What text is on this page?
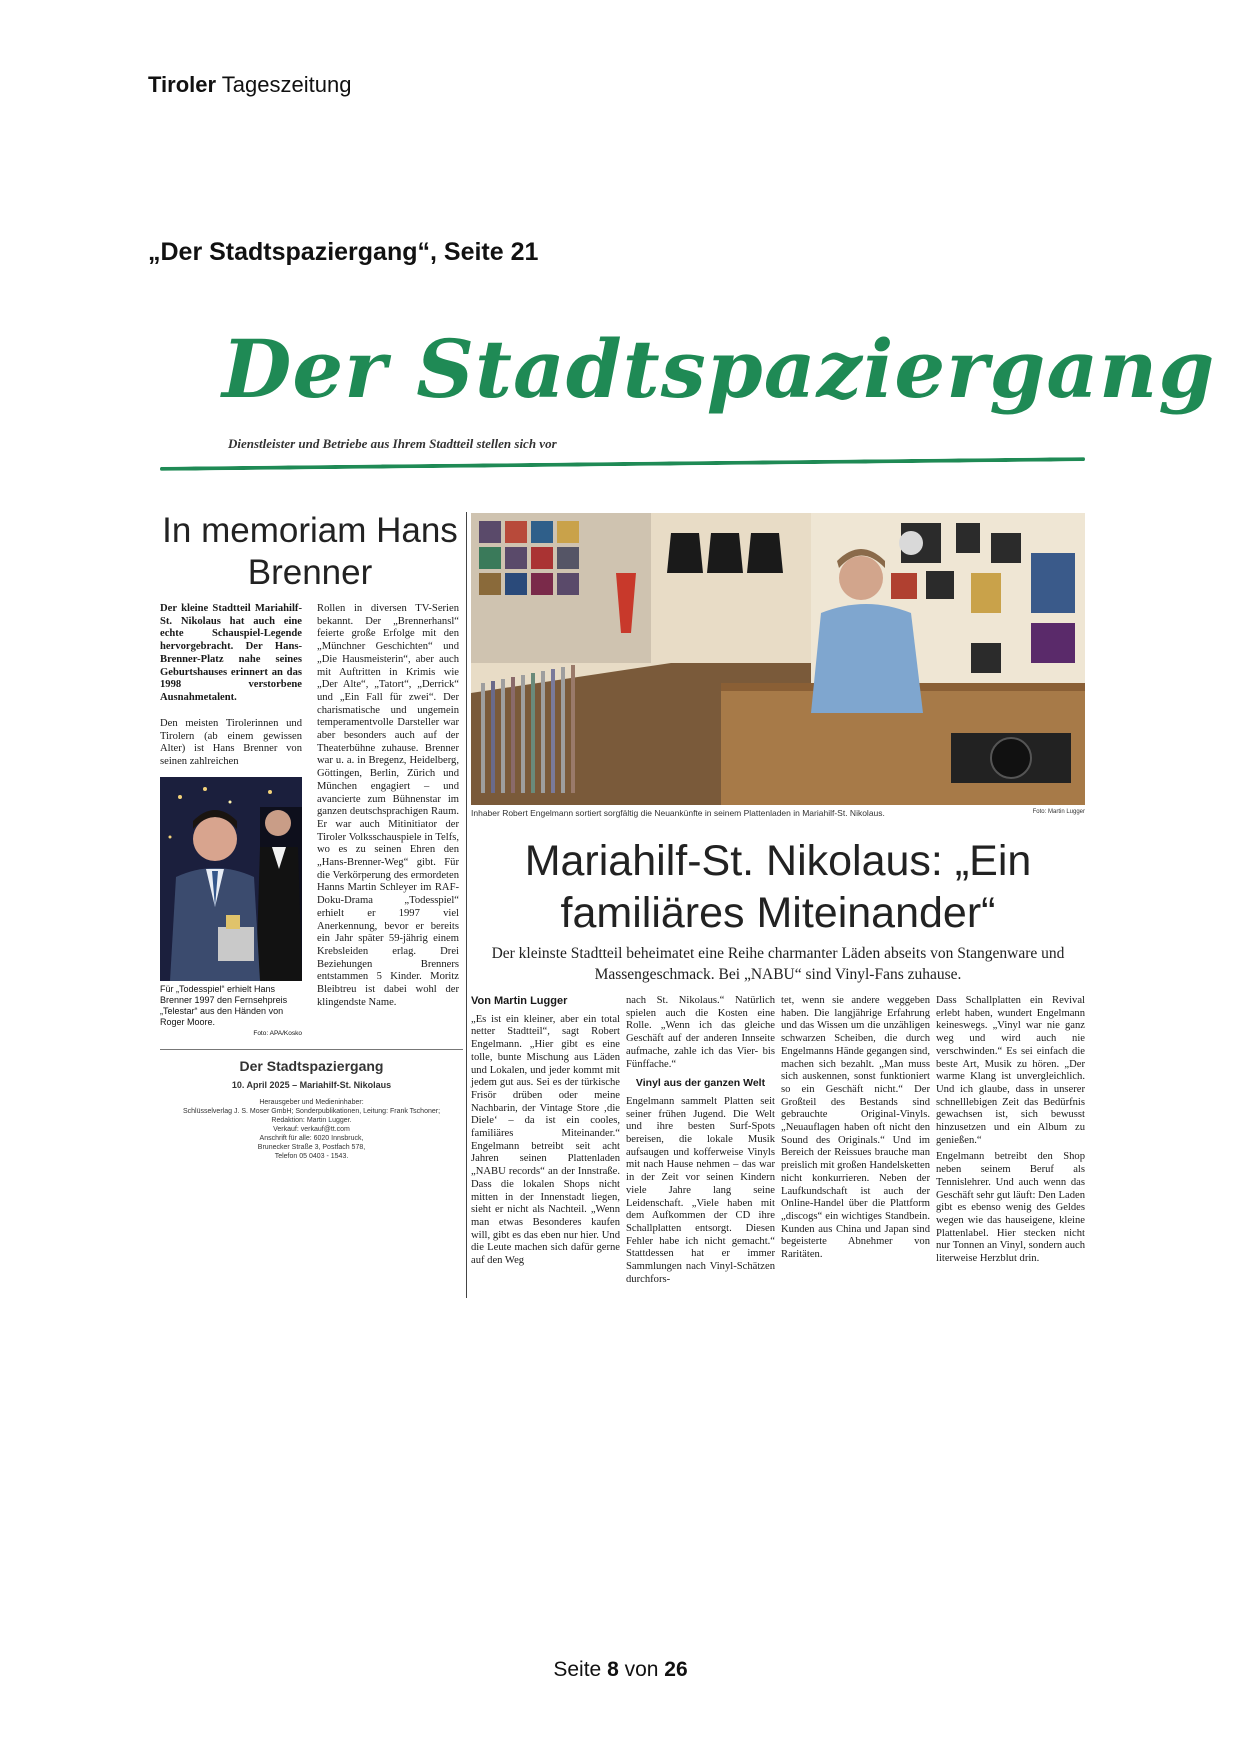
Tiroler Tageszeitung
„Der Stadtspaziergang“, Seite 21
Der Stadtspaziergang
Dienstleister und Betriebe aus Ihrem Stadtteil stellen sich vor
In memoriam Hans Brenner
Der kleine Stadtteil Mariahilf-St. Nikolaus hat auch eine echte Schauspiel-Legende hervorgebracht. Der Hans-Brenner-Platz nahe seines Geburtshauses erinnert an das 1998 verstorbene Ausnahmetalent.
Den meisten Tirolerinnen und Tirolern (ab einem gewissen Alter) ist Hans Brenner von seinen zahlreichen
Für „Todesspiel“ erhielt Hans Brenner 1997 den Fernsehpreis „Telestar“ aus den Händen von Roger Moore.
Foto: APA/Kosko
Rollen in diversen TV-Serien bekannt. Der „Brennerhansl“ feierte große Erfolge mit den „Münchner Geschichten“ und „Die Hausmeisterin“, aber auch mit Auftritten in Krimis wie „Der Alte“, „Tatort“, „Derrick“ und „Ein Fall für zwei“. Der charismatische und ungemein temperamentvolle Darsteller war aber besonders auch auf der Theaterbühne zuhause. Brenner war u. a. in Bregenz, Heidelberg, Göttingen, Berlin, Zürich und München engagiert – und avancierte zum Bühnenstar im ganzen deutschsprachigen Raum. Er war auch Mitinitiator der Tiroler Volksschauspiele in Telfs, wo es zu seinen Ehren den „Hans-Brenner-Weg“ gibt. Für die Verkörperung des ermordeten Hanns Martin Schleyer im RAF-Doku-Drama „Todesspiel“ erhielt er 1997 viel Anerkennung, bevor er bereits ein Jahr später 59-jährig einem Krebsleiden erlag. Drei Beziehungen Brenners entstammen 5 Kinder. Moritz Bleibtreu ist dabei wohl der klingendste Name.
Der Stadtspaziergang
10. April 2025 – Mariahilf-St. Nikolaus
Herausgeber und Medieninhaber:
Schlüsselverlag J. S. Moser GmbH; Sonderpublikationen, Leitung: Frank Tschoner;
Redaktion: Martin Lugger.
Verkauf: verkauf@tt.com
Anschrift für alle: 6020 Innsbruck,
Brunecker Straße 3, Postfach 578,
Telefon 05 0403 - 1543.
Inhaber Robert Engelmann sortiert sorgfältig die Neuankünfte in seinem Plattenladen in Mariahilf-St. Nikolaus.	Foto: Martin Lugger
Mariahilf-St. Nikolaus: „Ein familiäres Miteinander“
Der kleinste Stadtteil beheimatet eine Reihe charmanter Läden abseits von Stangenware und Massengeschmack. Bei „NABU“ sind Vinyl-Fans zuhause.
Von Martin Lugger

„Es ist ein kleiner, aber ein total netter Stadtteil“, sagt Robert Engelmann. „Hier gibt es eine tolle, bunte Mischung aus Läden und Lokalen, und jeder kommt mit jedem gut aus. Sei es der türkische Frisör drüben oder meine Nachbarin, der Vintage Store ‚die Diele‘ – da ist ein cooles, familiäres Miteinander.“ Engelmann betreibt seit acht Jahren seinen Plattenladen „NABU records“ an der Innstraße. Dass die lokalen Shops nicht mitten in der Innenstadt liegen, sieht er nicht als Nachteil. „Wenn man etwas Besonderes kaufen will, gibt es das eben nur hier. Und die Leute machen sich dafür gerne auf den Weg

nach St. Nikolaus.“ Natürlich spielen auch die Kosten eine Rolle. „Wenn ich das gleiche Geschäft auf der anderen Innseite aufmache, zahle ich das Vier- bis Fünffache.“

Vinyl aus der ganzen Welt

Engelmann sammelt Platten seit seiner frühen Jugend. Die Welt und ihre besten Surf-Spots bereisen, die lokale Musik aufsaugen und kofferweise Vinyls mit nach Hause nehmen – das war in der Zeit vor seinen Kindern viele Jahre lang seine Leidenschaft. „Viele haben mit dem Aufkommen der CD ihre Schallplatten entsorgt. Diesen Fehler habe ich nicht gemacht.“ Stattdessen hat er immer Sammlungen nach Vinyl-Schätzen durchfors-

tet, wenn sie andere weggeben haben. Die langjährige Erfahrung und das Wissen um die unzähligen schwarzen Scheiben, die durch Engelmanns Hände gegangen sind, machen sich bezahlt. „Man muss sich auskennen, sonst funktioniert so ein Geschäft nicht.“ Der Großteil des Bestands sind gebrauchte Original-Vinyls. „Neuauflagen haben oft nicht den Sound des Originals.“ Und im Bereich der Reissues brauche man preislich mit großen Handelsketten nicht konkurrieren. Neben der Laufkundschaft ist auch der Online-Handel über die Plattform „discogs“ ein wichtiges Standbein. Kunden aus China und Japan sind begeisterte Abnehmer von Raritäten.

Dass Schallplatten ein Revival erlebt haben, wundert Engelmann keineswegs. „Vinyl war nie ganz weg und wird auch nie verschwinden.“ Es sei einfach die beste Art, Musik zu hören. „Der warme Klang ist unvergleichlich. Und ich glaube, dass in unserer schnelllebigen Zeit das Bedürfnis gewachsen ist, sich bewusst hinzusetzen und ein Album zu genießen.“

Engelmann betreibt den Shop neben seinem Beruf als Tennislehrer. Und auch wenn das Geschäft sehr gut läuft: Den Laden gibt es ebenso wenig des Geldes wegen wie das hauseigene, kleine Plattenlabel. Hier stecken nicht nur Tonnen an Vinyl, sondern auch literweise Herzblut drin.

Seite 8 von 26
